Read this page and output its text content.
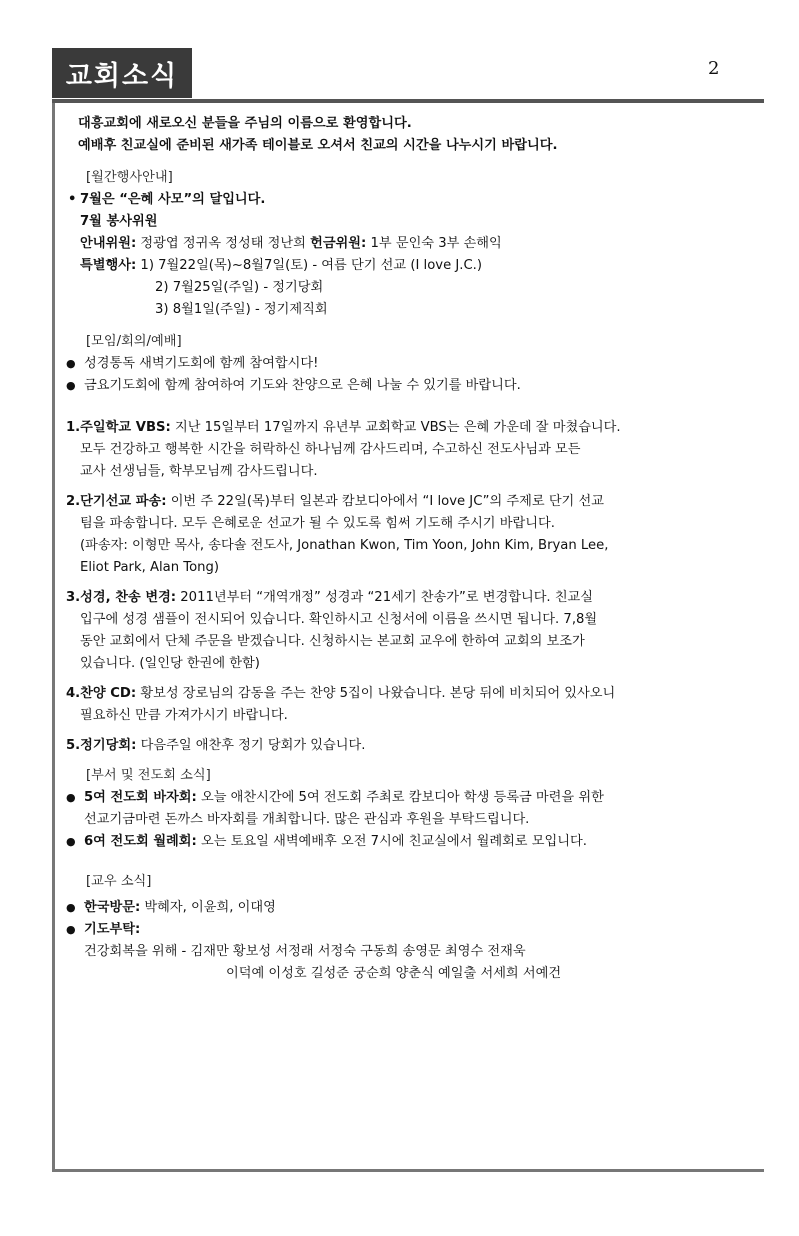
교회소식	2
대흥교회에 새로오신 분들을 주님의 이름으로 환영합니다.
예배후 친교실에 준비된 새가족 테이블로 오셔서 친교의 시간을 나누시기 바랍니다.
[월간행사안내]
• 7월은 “은혜 사모”의 달입니다.
7월 봉사위원
안내위원: 정광엽 정귀옥 정성태 정난희 헌금위원: 1부 문인숙 3부 손해익
특별행사: 1) 7월22일(목)~8월7일(토) - 여름 단기 선교 (I love J.C.)
2) 7월25일(주일) - 정기당회
3) 8월1일(주일) - 정기제직회
[모임/회의/예배]
● 성경통독 새벽기도회에 함께 참여합시다!
● 금요기도회에 함께 참여하여 기도와 찬양으로 은혜 나눌 수 있기를 바랍니다.
1.주일학교 VBS: 지난 15일부터 17일까지 유년부 교회학교 VBS는 은혜 가운데 잘 마쳤습니다.
모두 건강하고 행복한 시간을 허락하신 하나님께 감사드리며, 수고하신 전도사님과 모든
교사 선생님들, 학부모님께 감사드립니다.
2.단기선교 파송: 이번 주 22일(목)부터 일본과 캄보디아에서 “I love JC”의 주제로 단기 선교
팀을 파송합니다. 모두 은혜로운 선교가 될 수 있도록 힘써 기도해 주시기 바랍니다.
(파송자: 이형만 목사, 송다솔 전도사, Jonathan Kwon, Tim Yoon, John Kim, Bryan Lee,
Eliot Park, Alan Tong)
3.성경, 찬송 변경: 2011년부터 “개역개정” 성경과 “21세기 찬송가”로 변경합니다. 친교실
입구에 성경 샘플이 전시되어 있습니다. 확인하시고 신청서에 이름을 쓰시면 됩니다. 7,8월
동안 교회에서 단체 주문을 받겠습니다. 신청하시는 본교회 교우에 한하여 교회의 보조가
있습니다. (일인당 한권에 한함)
4.찬양 CD: 황보성 장로님의 감동을 주는 찬양 5집이 나왔습니다. 본당 뒤에 비치되어 있사오니
필요하신 만큼 가져가시기 바랍니다.
5.정기당회: 다음주일 애찬후 정기 당회가 있습니다.
[부서 및 전도회 소식]
● 5여 전도회 바자회: 오늘 애찬시간에 5여 전도회 주최로 캄보디아 학생 등록금 마련을 위한
선교기금마련 돈까스 바자회를 개최합니다. 많은 관심과 후원을 부탁드립니다.
● 6여 전도회 월례회: 오는 토요일 새벽예배후 오전 7시에 친교실에서 월례회로 모입니다.
[교우 소식]
● 한국방문: 박혜자, 이윤희, 이대영
● 기도부탁:
건강회복을 위해 - 김재만 황보성 서정래 서정숙 구동희 송영문 최영수 전재욱
이덕예 이성호 길성준 궁순희 양춘식 예일출 서세희 서예건
